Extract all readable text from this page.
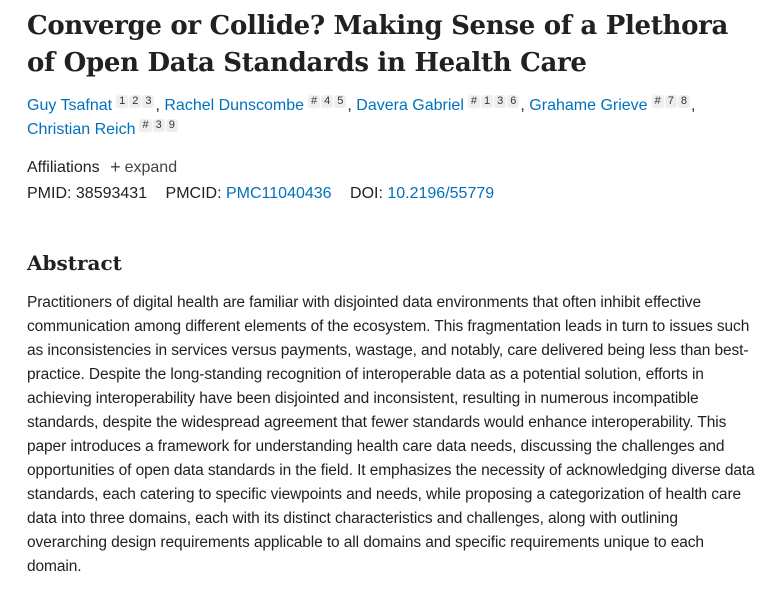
Converge or Collide? Making Sense of a Plethora of Open Data Standards in Health Care
Guy Tsafnat 1 2 3 , Rachel Dunscombe # 4 5 , Davera Gabriel # 1 3 6 , Grahame Grieve # 7 8 , Christian Reich # 3 9
Affiliations + expand
PMID: 38593431 PMCID: PMC11040436 DOI: 10.2196/55779
Abstract
Practitioners of digital health are familiar with disjointed data environments that often inhibit effective communication among different elements of the ecosystem. This fragmentation leads in turn to issues such as inconsistencies in services versus payments, wastage, and notably, care delivered being less than best-practice. Despite the long-standing recognition of interoperable data as a potential solution, efforts in achieving interoperability have been disjointed and inconsistent, resulting in numerous incompatible standards, despite the widespread agreement that fewer standards would enhance interoperability. This paper introduces a framework for understanding health care data needs, discussing the challenges and opportunities of open data standards in the field. It emphasizes the necessity of acknowledging diverse data standards, each catering to specific viewpoints and needs, while proposing a categorization of health care data into three domains, each with its distinct characteristics and challenges, along with outlining overarching design requirements applicable to all domains and specific requirements unique to each domain.
